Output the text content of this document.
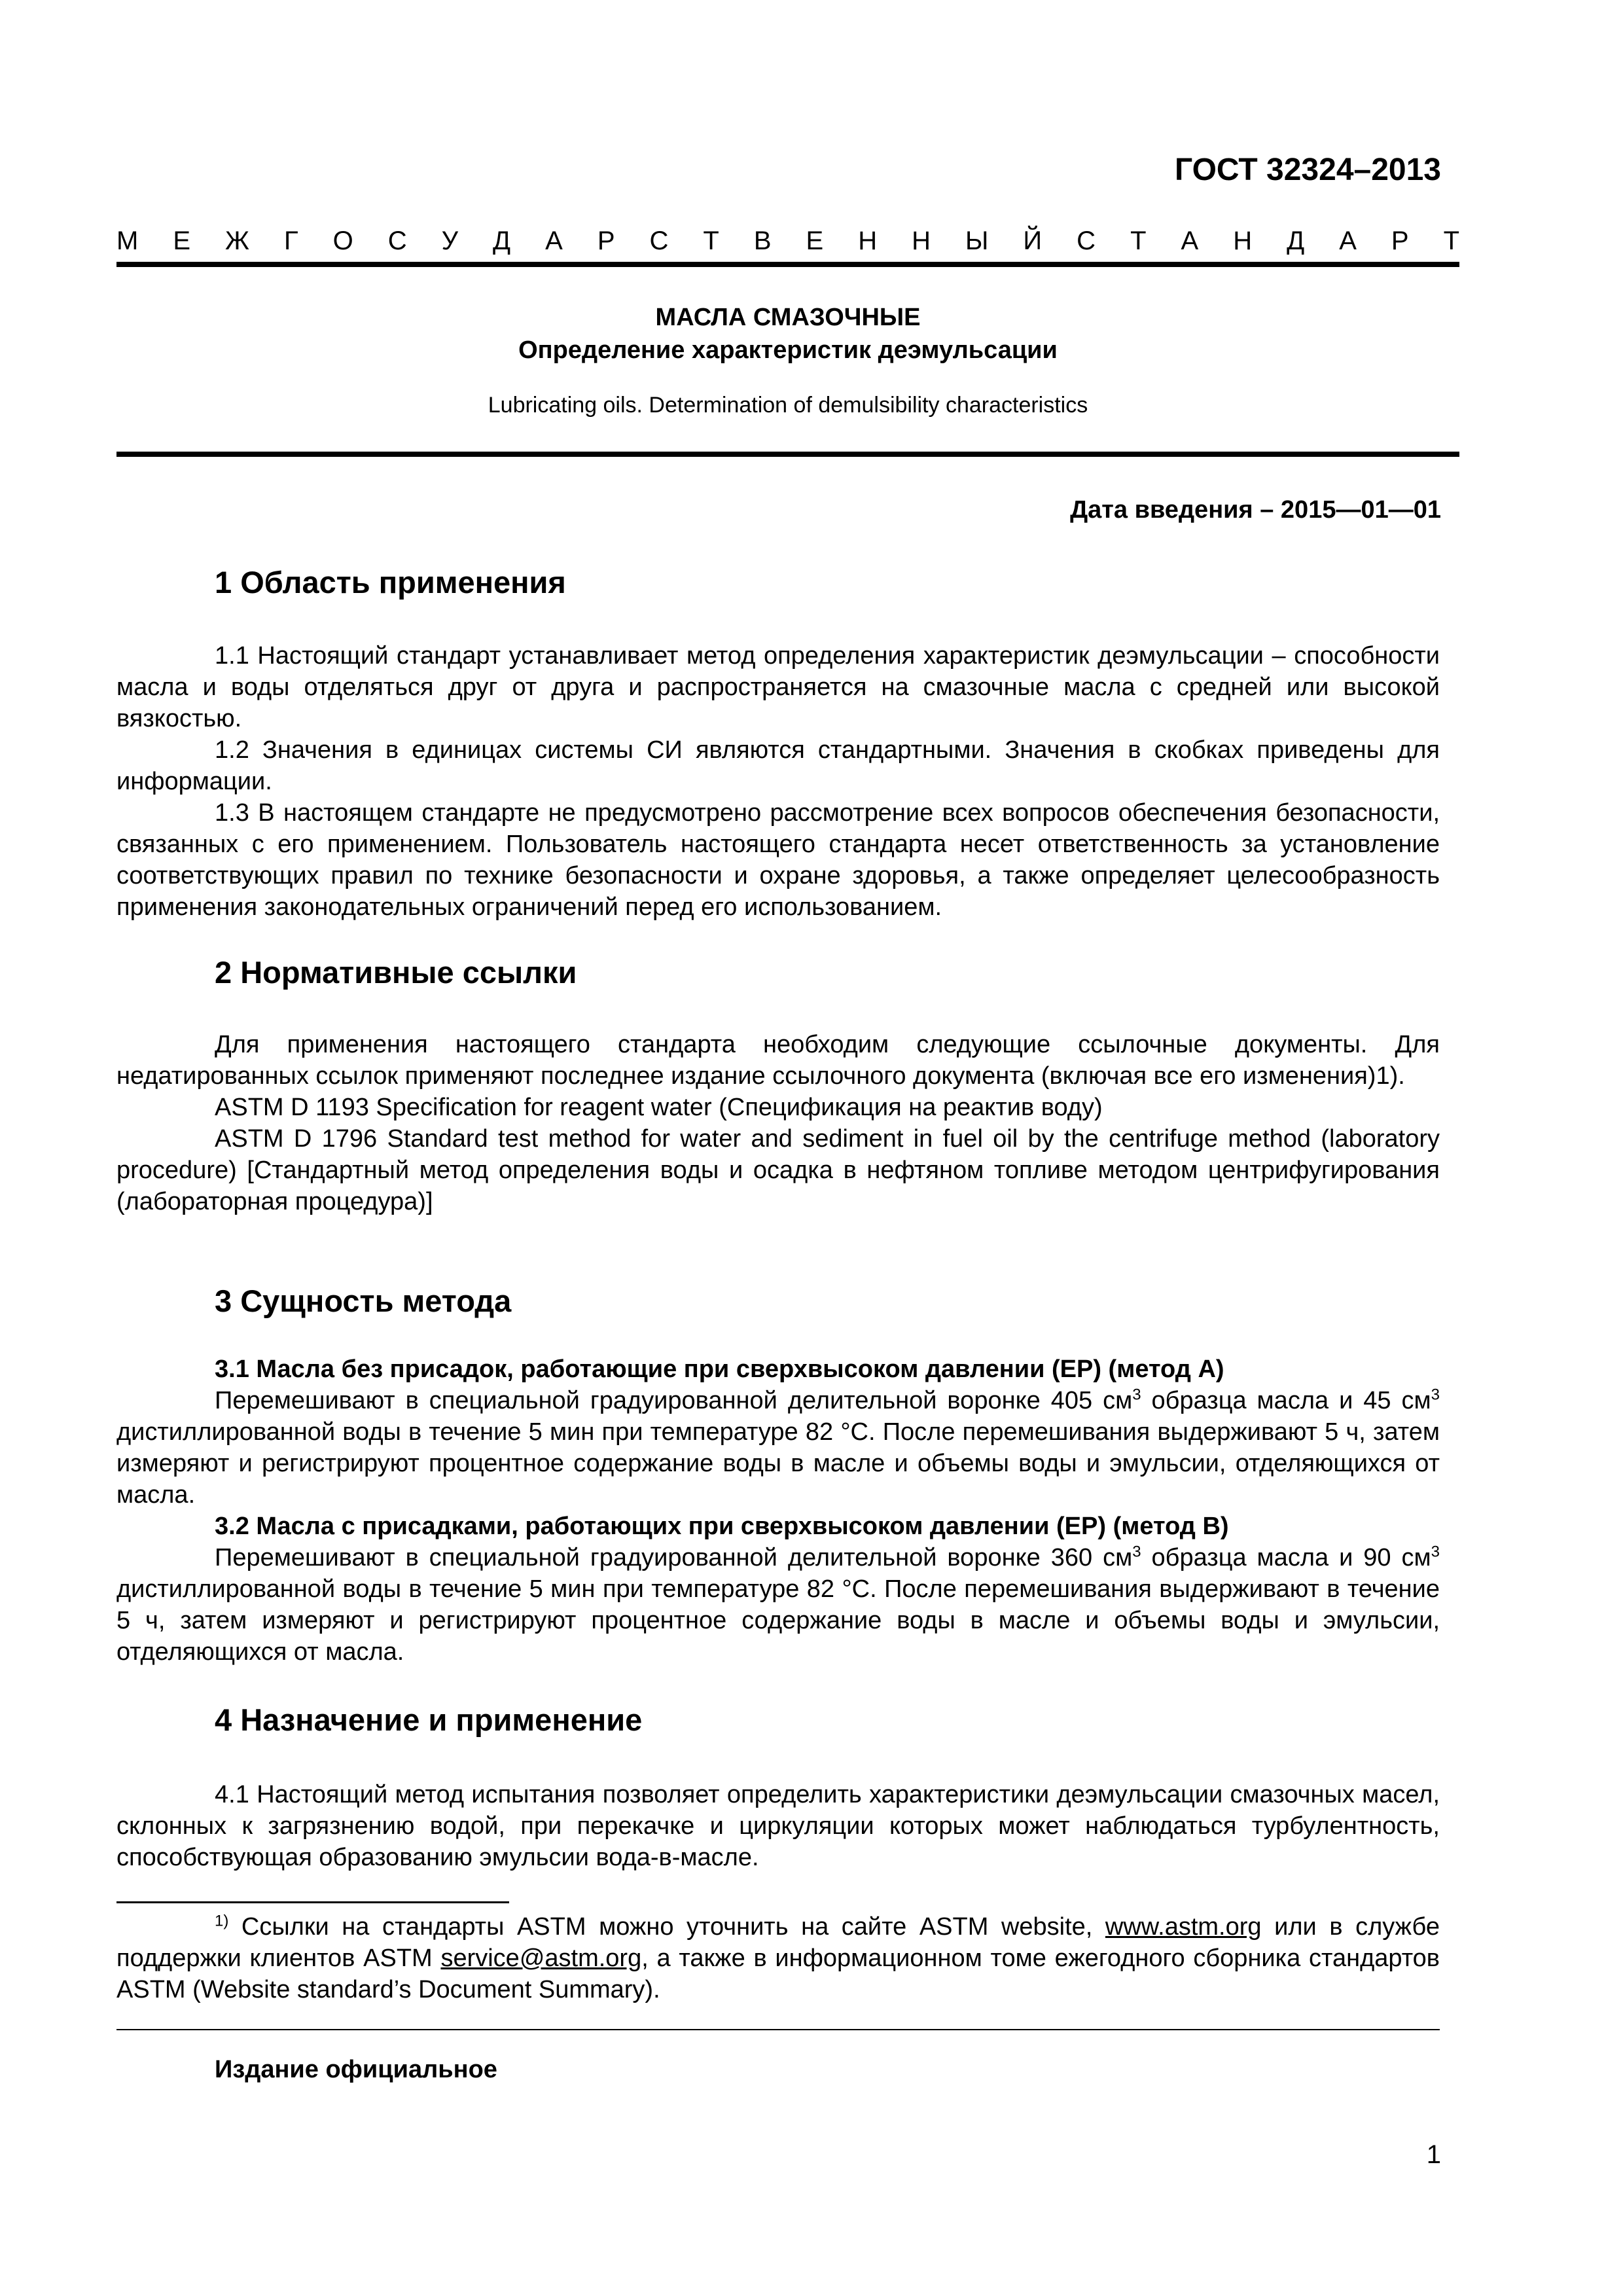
ГОСТ 32324–2013
М Е Ж Г О С У Д А Р С Т В Е Н Н Ы Й С Т А Н Д А Р Т
МАСЛА СМАЗОЧНЫЕ
Определение характеристик деэмульсации
Lubricating oils. Determination of demulsibility characteristics
Дата введения – 2015—01—01
1 Область применения

1.1 Настоящий стандарт устанавливает метод определения характеристик деэмульсации – способности масла и воды отделяться друг от друга и распространяется на смазочные масла с средней или высокой вязкостью.

1.2 Значения в единицах системы СИ являются стандартными. Значения в скобках приведены для информации.

1.3 В настоящем стандарте не предусмотрено рассмотрение всех вопросов обеспечения безопасности, связанных с его применением. Пользователь настоящего стандарта несет ответственность за установление соответствующих правил по технике безопасности и охране здоровья, а также определяет целесообразность применения законодательных ограничений перед его использованием.

2 Нормативные ссылки

Для применения настоящего стандарта необходим следующие ссылочные документы. Для недатированных ссылок применяют последнее издание ссылочного документа (включая все его изменения)1).

ASTM D 1193 Specification for reagent water (Спецификация на реактив воду)

ASTM D 1796 Standard test method for water and sediment in fuel oil by the centrifuge method (laboratory procedure) [Стандартный метод определения воды и осадка в нефтяном топливе методом центрифугирования (лабораторная процедура)]

3 Сущность метода

3.1 Масла без присадок, работающие при сверхвысоком давлении (ЕР) (метод А)

Перемешивают в специальной градуированной делительной воронке 405 $см^3$ образца масла и 45 $см^3$ дистиллированной воды в течение 5 мин при температуре 82 °С. После перемешивания выдерживают 5 ч, затем измеряют и регистрируют процентное содержание воды в масле и объемы воды и эмульсии, отделяющихся от масла.

3.2 Масла с присадками, работающих при сверхвысоком давлении (ЕР) (метод В)

Перемешивают в специальной градуированной делительной воронке 360 $см^3$ образца масла и 90 $см^3$ дистиллированной воды в течение 5 мин при температуре 82 °С. После перемешивания выдерживают в течение 5 ч, затем измеряют и регистрируют процентное содержание воды в масле и объемы воды и эмульсии, отделяющихся от масла.

4 Назначение и применение

4.1 Настоящий метод испытания позволяет определить характеристики деэмульсации смазочных масел, склонных к загрязнению водой, при перекачке и циркуляции которых может наблюдаться турбулентность, способствующая образованию эмульсии вода-в-масле.

$^{1)}$ Ссылки на стандарты ASTM можно уточнить на сайте ASTM website, www.astm.org или в службе поддержки клиентов ASTM service@astm.org, а также в информационном томе ежегодного сборника стандартов ASTM (Website standard’s Document Summary).

Издание официальное
1
